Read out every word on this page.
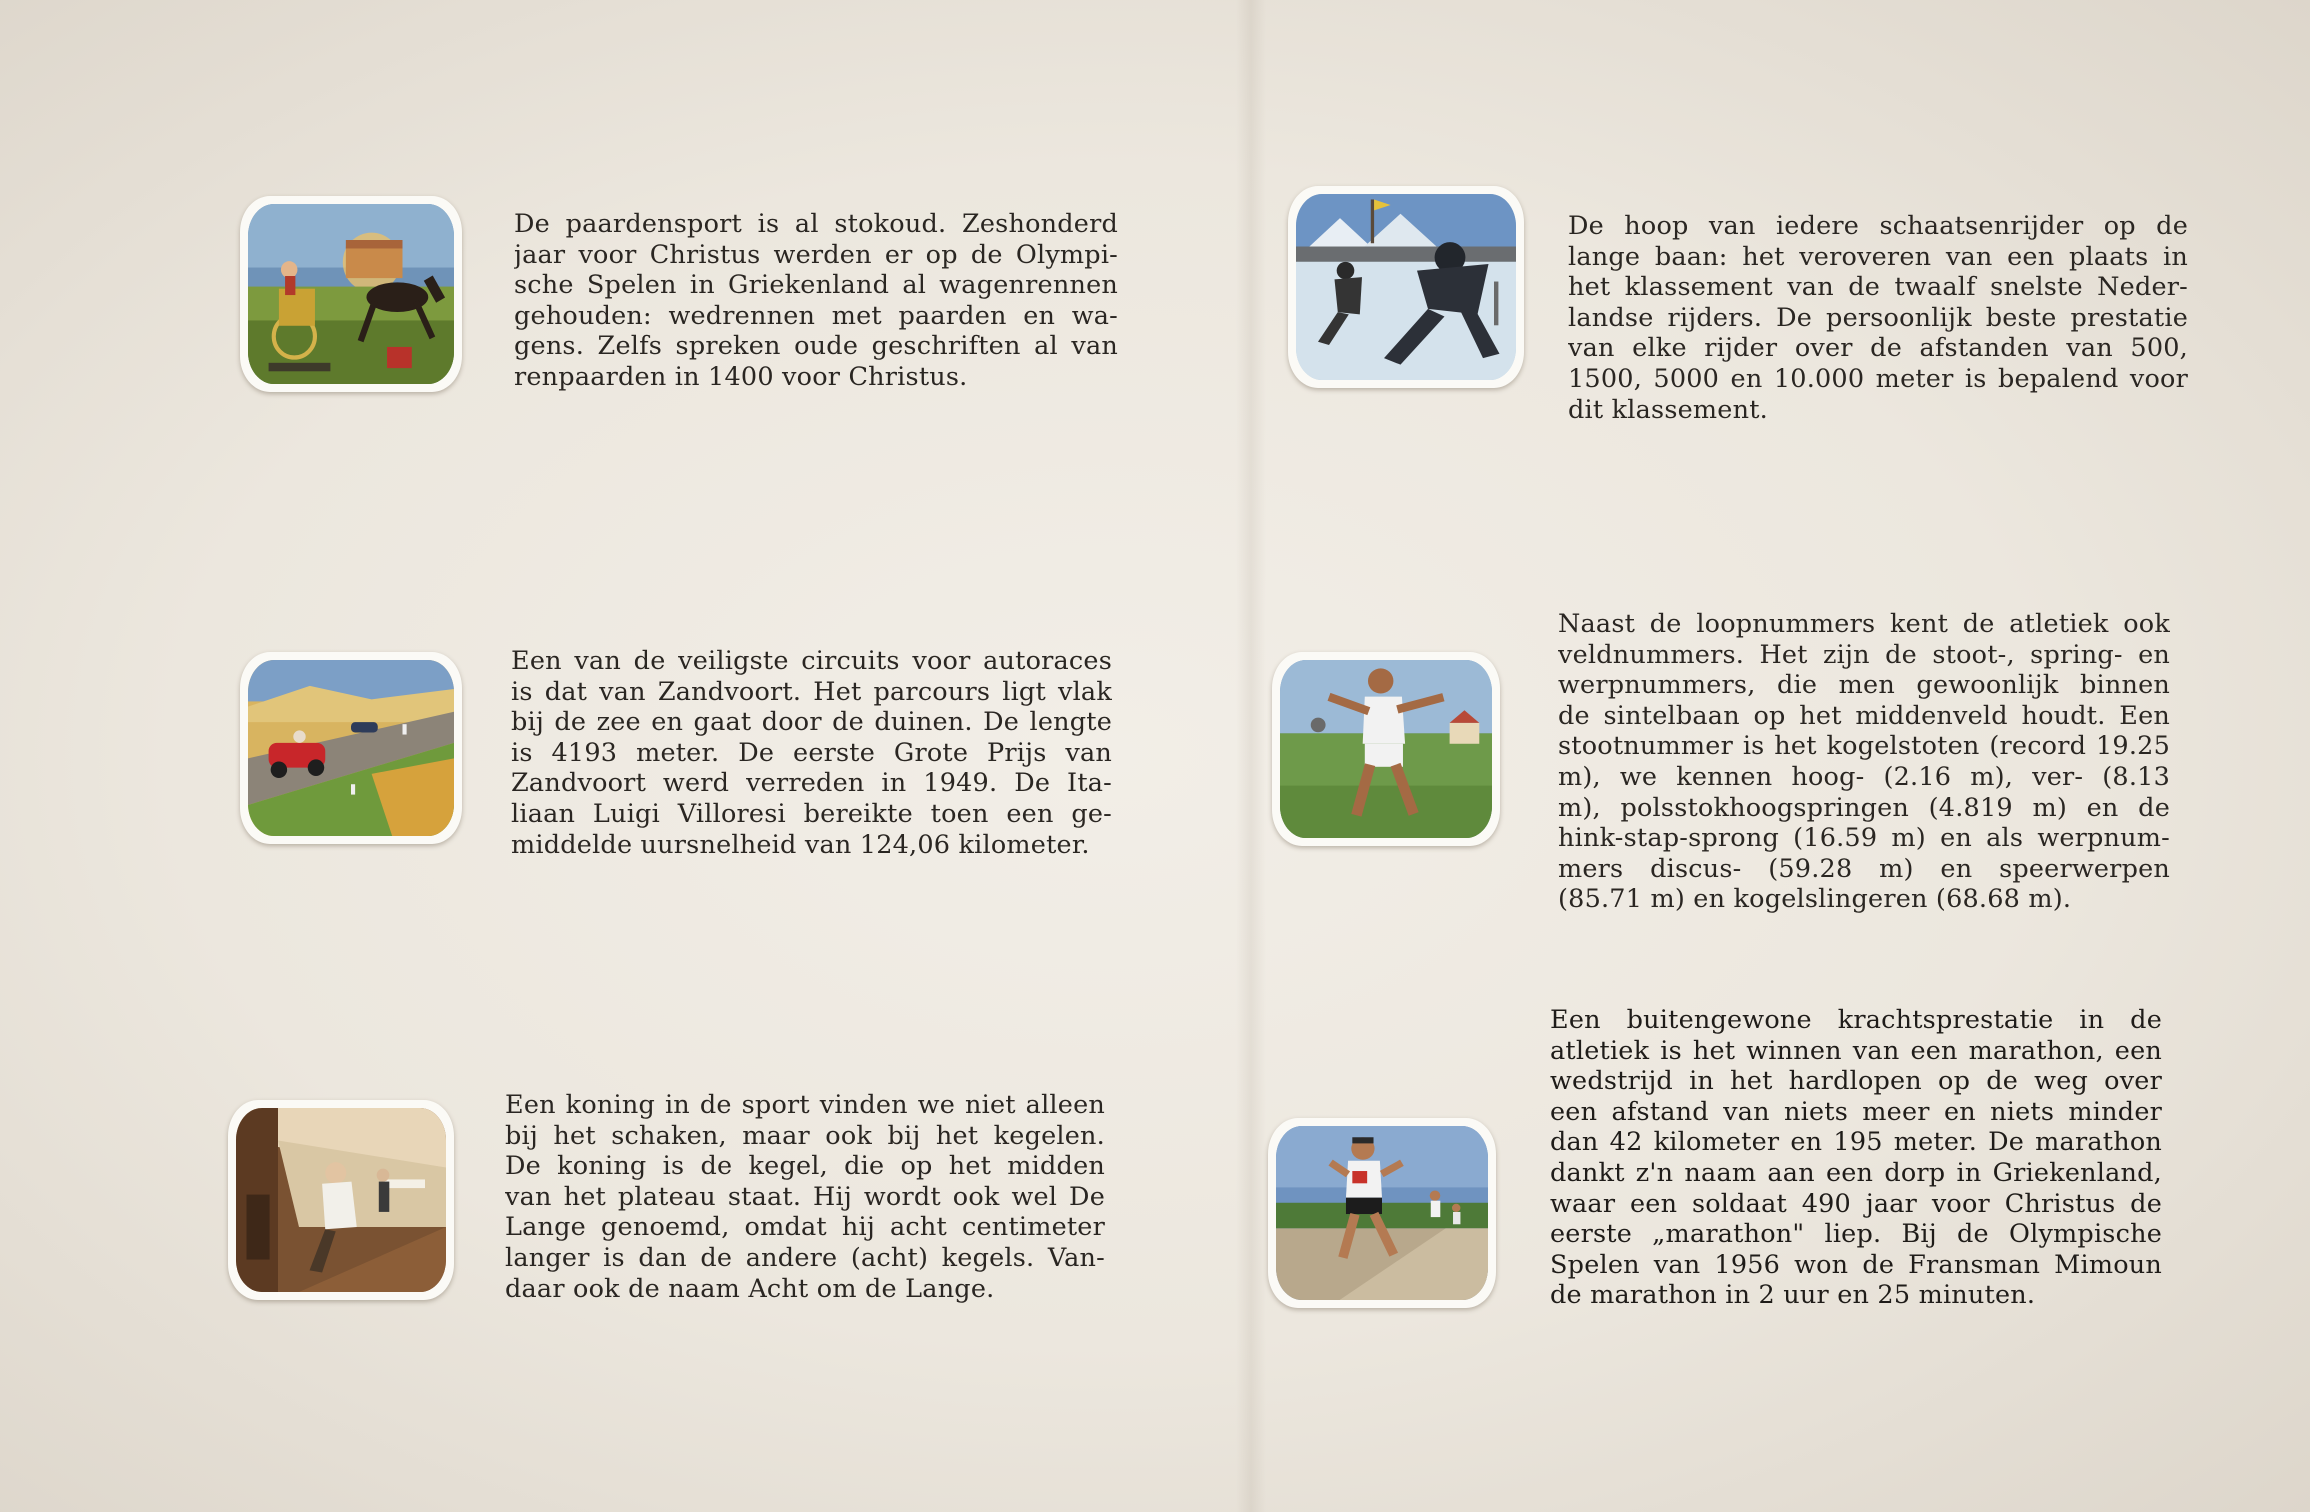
De paardensport is al stokoud. Zeshonderd
jaar voor Christus werden er op de Olympi-
sche Spelen in Griekenland al wagenrennen
gehouden: wedrennen met paarden en wa-
gens. Zelfs spreken oude geschriften al van
renpaarden in 1400 voor Christus.
De hoop van iedere schaatsenrijder op de
lange baan: het veroveren van een plaats in
het klassement van de twaalf snelste Neder-
landse rijders. De persoonlijk beste prestatie
van elke rijder over de afstanden van 500,
1500, 5000 en 10.000 meter is bepalend voor
dit klassement.
Een van de veiligste circuits voor autoraces
is dat van Zandvoort. Het parcours ligt vlak
bij de zee en gaat door de duinen. De lengte
is 4193 meter. De eerste Grote Prijs van
Zandvoort werd verreden in 1949. De Ita-
liaan Luigi Villoresi bereikte toen een ge-
middelde uursnelheid van 124,06 kilometer.
Naast de loopnummers kent de atletiek ook
veldnummers. Het zijn de stoot-, spring- en
werpnummers, die men gewoonlijk binnen
de sintelbaan op het middenveld houdt. Een
stootnummer is het kogelstoten (record 19.25
m), we kennen hoog- (2.16 m), ver- (8.13
m), polsstokhoogspringen (4.819 m) en de
hink-stap-sprong (16.59 m) en als werpnum-
mers discus- (59.28 m) en speerwerpen
(85.71 m) en kogelslingeren (68.68 m).
Een koning in de sport vinden we niet alleen
bij het schaken, maar ook bij het kegelen.
De koning is de kegel, die op het midden
van het plateau staat. Hij wordt ook wel De
Lange genoemd, omdat hij acht centimeter
langer is dan de andere (acht) kegels. Van-
daar ook de naam Acht om de Lange.
Een buitengewone krachtsprestatie in de
atletiek is het winnen van een marathon, een
wedstrijd in het hardlopen op de weg over
een afstand van niets meer en niets minder
dan 42 kilometer en 195 meter. De marathon
dankt z'n naam aan een dorp in Griekenland,
waar een soldaat 490 jaar voor Christus de
eerste „marathon" liep. Bij de Olympische
Spelen van 1956 won de Fransman Mimoun
de marathon in 2 uur en 25 minuten.
